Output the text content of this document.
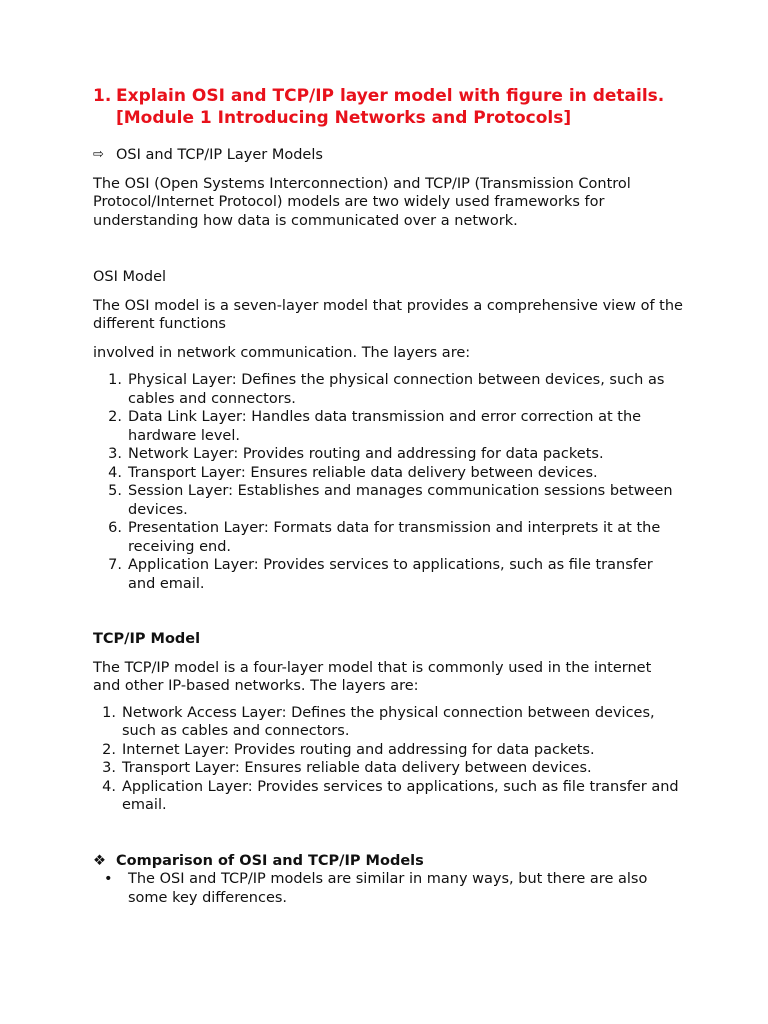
1. Explain OSI and TCP/IP layer model with figure in details. [Module 1 Introducing Networks and Protocols]
⇨ OSI and TCP/IP Layer Models

The OSI (Open Systems Interconnection) and TCP/IP (Transmission Control Protocol/Internet Protocol) models are two widely used frameworks for understanding how data is communicated over a network.

OSI Model

The OSI model is a seven-layer model that provides a comprehensive view of the different functions

involved in network communication. The layers are:

1. Physical Layer: Defines the physical connection between devices, such as cables and connectors.
2. Data Link Layer: Handles data transmission and error correction at the hardware level.
3. Network Layer: Provides routing and addressing for data packets.
4. Transport Layer: Ensures reliable data delivery between devices.
5. Session Layer: Establishes and manages communication sessions between devices.
6. Presentation Layer: Formats data for transmission and interprets it at the receiving end.
7. Application Layer: Provides services to applications, such as file transfer and email.

TCP/IP Model

The TCP/IP model is a four-layer model that is commonly used in the internet and other IP-based networks. The layers are:

1. Network Access Layer: Defines the physical connection between devices, such as cables and connectors.
2. Internet Layer: Provides routing and addressing for data packets.
3. Transport Layer: Ensures reliable data delivery between devices.
4. Application Layer: Provides services to applications, such as file transfer and email.
❖ Comparison of OSI and TCP/IP Models
•	The OSI and TCP/IP models are similar in many ways, but there are also some key differences.
